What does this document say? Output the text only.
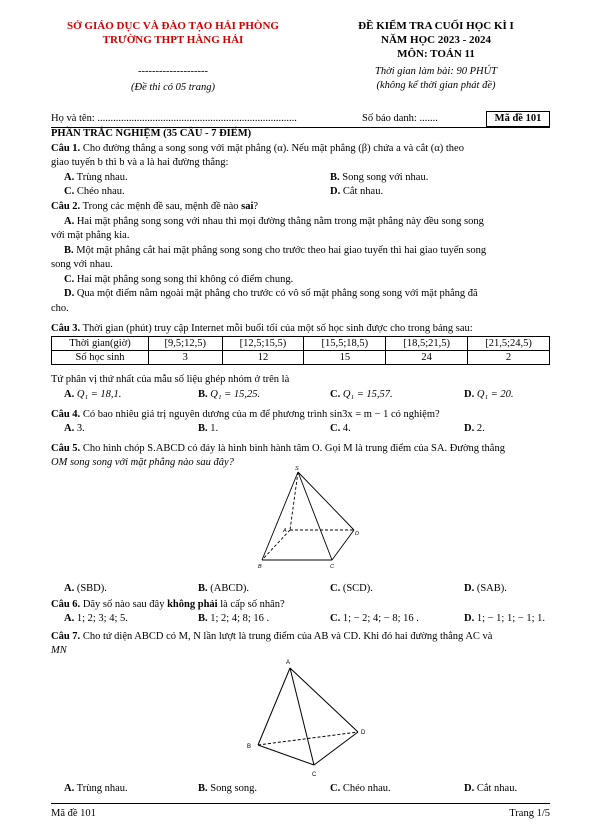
SỞ GIÁO DỤC VÀ ĐÀO TẠO HẢI PHÒNG
TRƯỜNG THPT HÀNG HẢI
--------------------
(Đề thi có 05 trang)
ĐỀ KIỂM TRA CUỐI HỌC KÌ I
NĂM HỌC 2023 - 2024
MÔN: TOÁN 11
Thời gian làm bài: 90 PHÚT
(không kể thời gian phát đề)
Họ và tên: ............................................................................	Số báo danh: .......	Mã đề 101
PHẦN TRẮC NGHIỆM (35 CÂU - 7 ĐIỂM)
Câu 1. Cho đường thẳng a song song với mặt phẳng (α). Nếu mặt phẳng (β) chứa a và cắt (α) theo
giao tuyến b thì b và a là hai đường thẳng:
A. Trùng nhau.	B. Song song với nhau.
C. Chéo nhau.	D. Cắt nhau.
Câu 2. Trong các mệnh đề sau, mệnh đề nào sai?
A. Hai mặt phẳng song song với nhau thì mọi đường thẳng nằm trong mặt phẳng này đều song song
với mặt phẳng kia.
B. Một mặt phẳng cắt hai mặt phẳng song song cho trước theo hai giao tuyến thì hai giao tuyến song
song với nhau.
C. Hai mặt phẳng song song thì không có điểm chung.
D. Qua một điểm nằm ngoài mặt phẳng cho trước có vô số mặt phẳng song song với mặt phẳng đã
cho.
Câu 3. Thời gian (phút) truy cập Internet mỗi buổi tối của một số học sinh được cho trong bảng sau:
Thời gian(giờ)	[9,5;12,5)	[12,5;15,5)	[15,5;18,5)	[18,5;21,5)	[21,5;24,5)
Số học sinh	3	12	15	24	2
Tứ phân vị thứ nhất của mẫu số liệu ghép nhóm ở trên là
A. Q₁ = 18,1.	B. Q₁ = 15,25.	C. Q₁ = 15,57.	D. Q₁ = 20.
Câu 4. Có bao nhiêu giá trị nguyên dương của m để phương trình sin3x = m − 1 có nghiệm?
A. 3.	B. 1.	C. 4.	D. 2.
Câu 5. Cho hình chóp S.ABCD có đáy là hình bình hành tâm O. Gọi M là trung điểm của SA. Đường thẳng
OM song song với mặt phẳng nào sau đây?
S
A
B	C
D
A. (SBD).	B. (ABCD).	C. (SCD).	D. (SAB).
Câu 6. Dãy số nào sau đây không phải là cấp số nhân?
A. 1; 2; 3; 4; 5.	B. 1; 2; 4; 8; 16 .	C. 1; − 2; 4; − 8; 16 .	D. 1; − 1; 1; − 1; 1.
Câu 7. Cho tứ diện ABCD có M, N lần lượt là trung điểm của AB và CD. Khi đó hai đường thẳng AC và
MN
A
B
C
D
A. Trùng nhau.	B. Song song.	C. Chéo nhau.	D. Cắt nhau.
Mã đề 101	Trang 1/5
